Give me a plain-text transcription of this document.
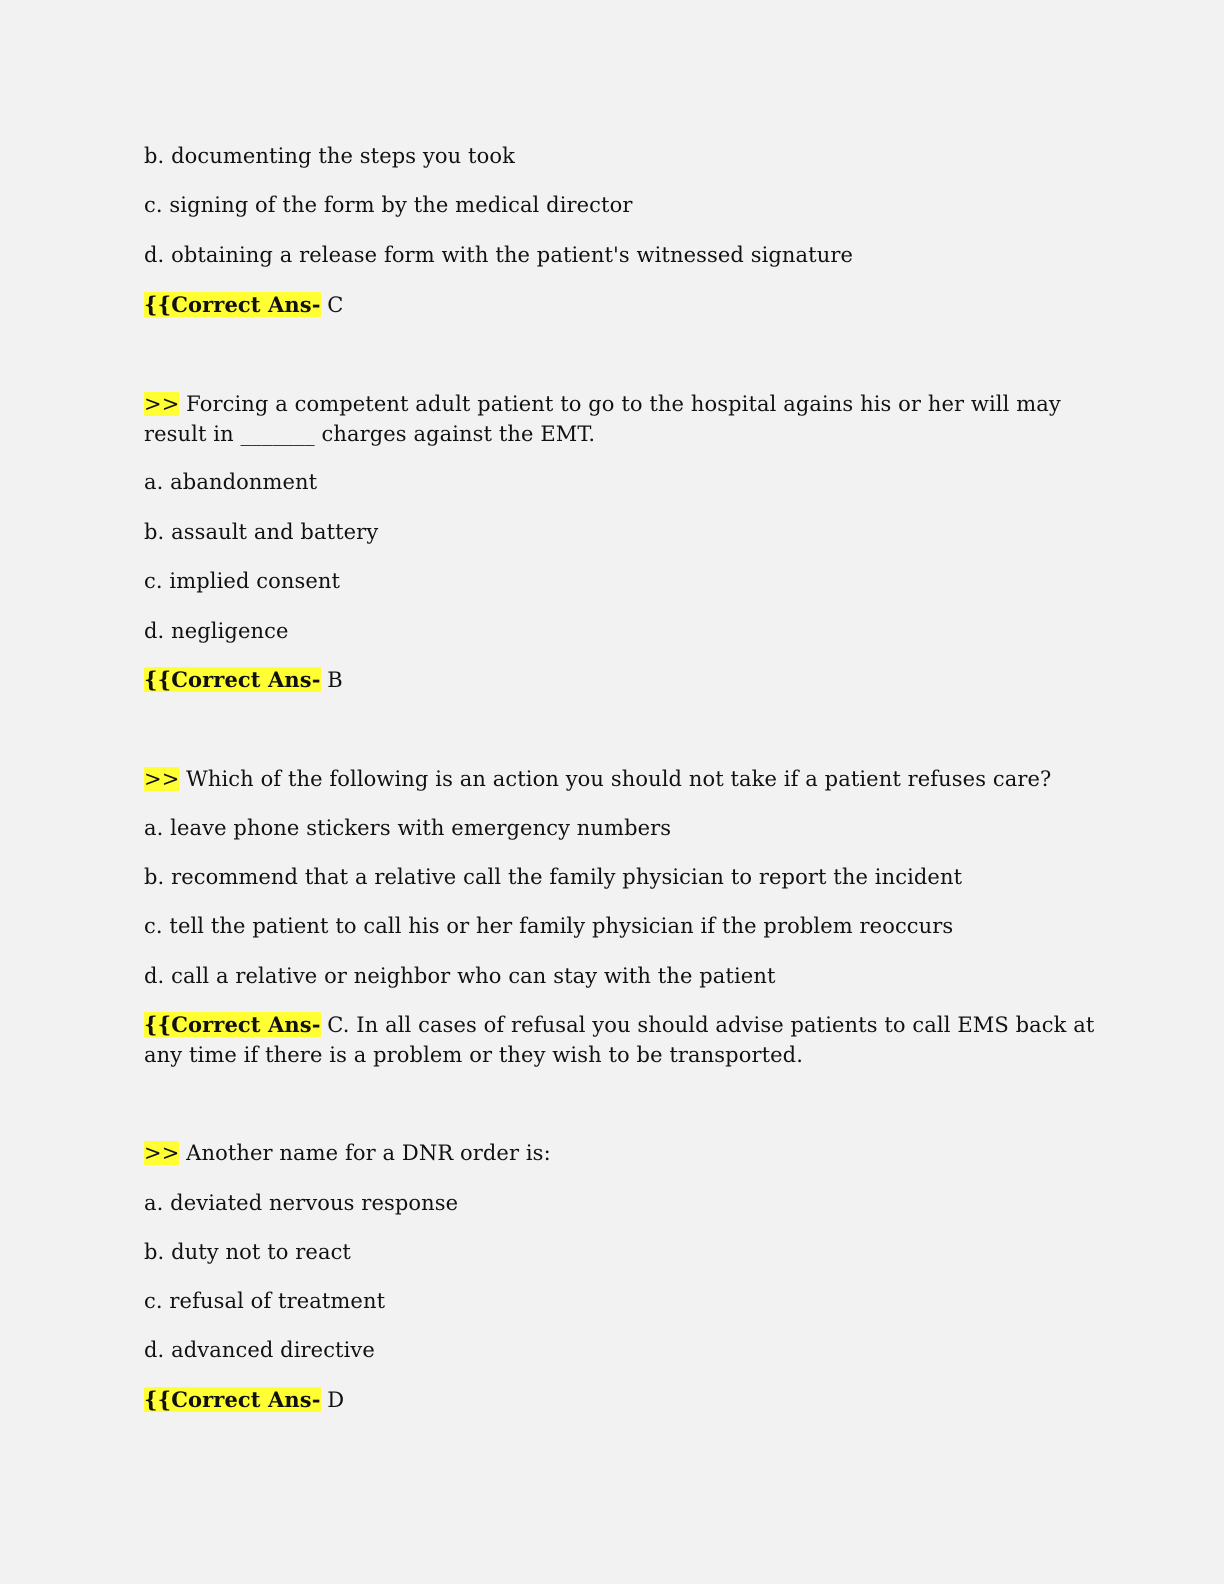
b. documenting the steps you took
c. signing of the form by the medical director
d. obtaining a release form with the patient's witnessed signature
{{Correct Ans- C
>> Forcing a competent adult patient to go to the hospital agains his or her will may
result in _______ charges against the EMT.
a. abandonment
b. assault and battery
c. implied consent
d. negligence
{{Correct Ans- B
>> Which of the following is an action you should not take if a patient refuses care?
a. leave phone stickers with emergency numbers
b. recommend that a relative call the family physician to report the incident
c. tell the patient to call his or her family physician if the problem reoccurs
d. call a relative or neighbor who can stay with the patient
{{Correct Ans- C. In all cases of refusal you should advise patients to call EMS back at
any time if there is a problem or they wish to be transported.
>> Another name for a DNR order is:
a. deviated nervous response
b. duty not to react
c. refusal of treatment
d. advanced directive
{{Correct Ans- D
